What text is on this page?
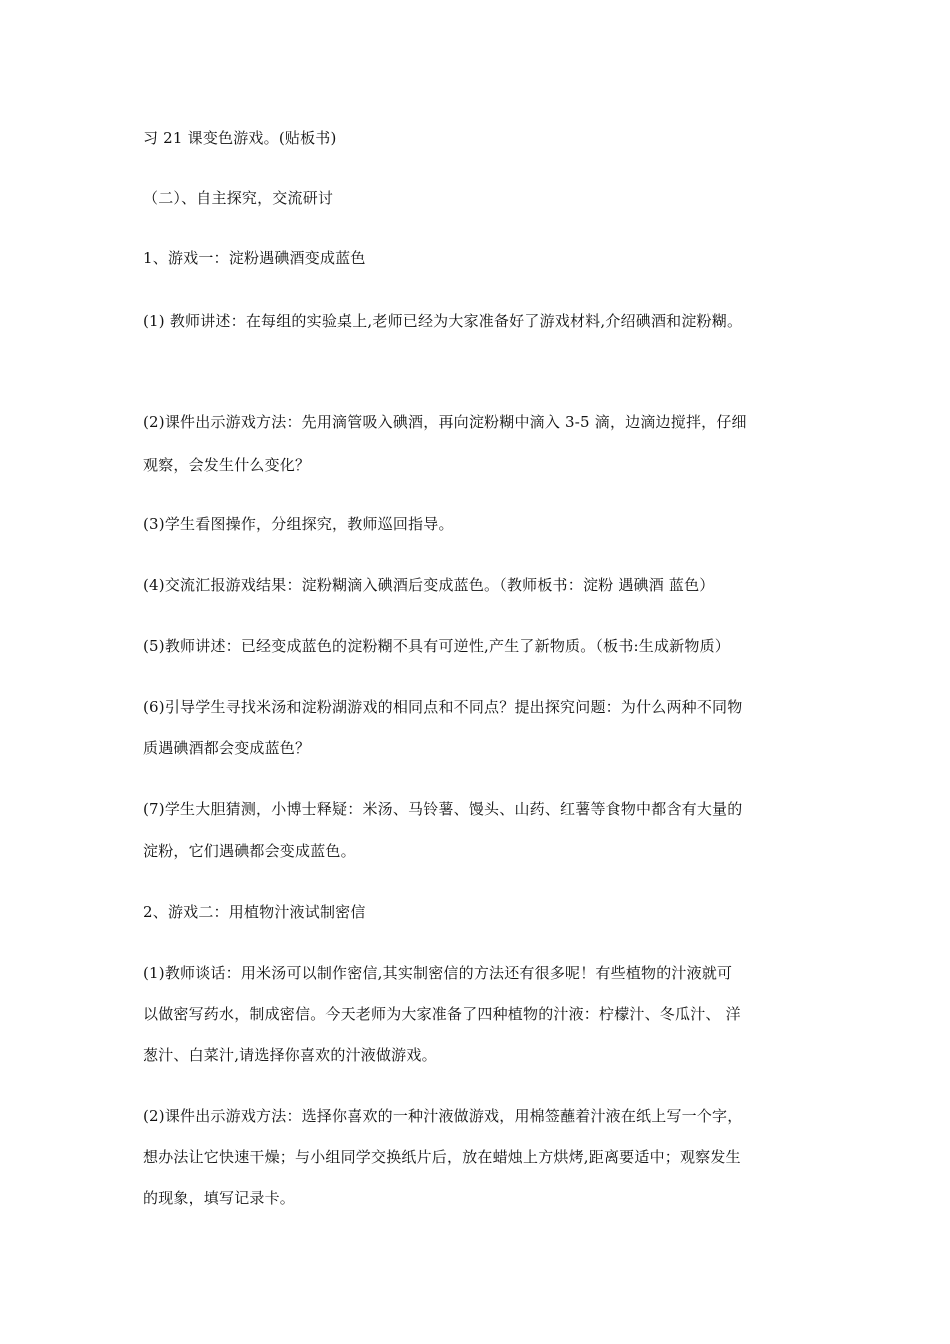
习 21 课变色游戏。(贴板书)
（二）、自主探究，交流研讨
1、游戏一：淀粉遇碘酒变成蓝色
(1) 教师讲述：在每组的实验桌上,老师已经为大家准备好了游戏材料,介绍碘酒和淀粉糊。
(2)课件出示游戏方法：先用滴管吸入碘酒，再向淀粉糊中滴入 3-5 滴，边滴边搅拌，仔细
观察，会发生什么变化？
(3)学生看图操作，分组探究，教师巡回指导。
(4)交流汇报游戏结果：淀粉糊滴入碘酒后变成蓝色。（教师板书：淀粉 遇碘酒 蓝色）
(5)教师讲述：已经变成蓝色的淀粉糊不具有可逆性,产生了新物质。（板书:生成新物质）
(6)引导学生寻找米汤和淀粉湖游戏的相同点和不同点？提出探究问题：为什么两种不同物
质遇碘酒都会变成蓝色？
(7)学生大胆猜测，小博士释疑：米汤、马铃薯、馒头、山药、红薯等食物中都含有大量的
淀粉，它们遇碘都会变成蓝色。
2、游戏二：用植物汁液试制密信
(1)教师谈话：用米汤可以制作密信,其实制密信的方法还有很多呢！有些植物的汁液就可
以做密写药水，制成密信。今天老师为大家准备了四种植物的汁液：柠檬汁、冬瓜汁、 洋
葱汁、白菜汁,请选择你喜欢的汁液做游戏。
(2)课件出示游戏方法：选择你喜欢的一种汁液做游戏，用棉签蘸着汁液在纸上写一个字，
想办法让它快速干燥；与小组同学交换纸片后，放在蜡烛上方烘烤,距离要适中；观察发生
的现象，填写记录卡。
